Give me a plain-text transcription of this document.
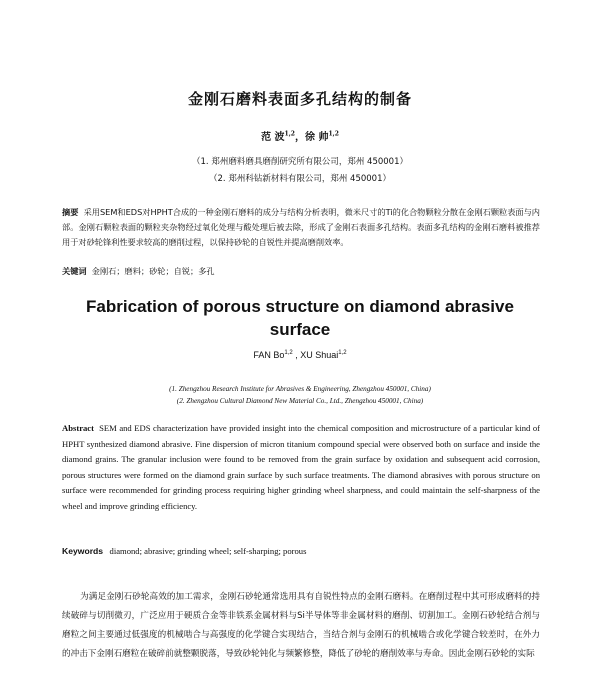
金刚石磨料表面多孔结构的制备
范 波$^{1,2}$，徐 帅$^{1,2}$
（1. 郑州磨料磨具磨削研究所有限公司，郑州 450001）
（2. 郑州科钻新材料有限公司，郑州 450001）
摘要 采用SEM和EDS对HPHT合成的一种金刚石磨料的成分与结构分析表明，微米尺寸的Ti的化合物颗粒分散在金刚石颗粒表面与内部。金刚石颗粒表面的颗粒夹杂物经过氧化处理与酸处理后被去除，形成了金刚石表面多孔结构。表面多孔结构的金刚石磨料被推荐用于对砂轮锋利性要求较高的磨削过程，以保持砂轮的自锐性并提高磨削效率。
关键词 金刚石；磨料；砂轮；自锐；多孔
Fabrication of porous structure on diamond abrasive surface
FAN Bo$^{1,2}$ , XU Shuai$^{1,2}$
(1. Zhengzhou Research Institute for Abrasives & Engineering, Zhengzhou 450001, China)
(2. Zhengzhou Cultural Diamond New Material Co., Ltd., Zhengzhou 450001, China)
Abstract SEM and EDS characterization have provided insight into the chemical composition and microstructure of a particular kind of HPHT synthesized diamond abrasive. Fine dispersion of micron titanium compound special were observed both on surface and inside the diamond grains. The granular inclusion were found to be removed from the grain surface by oxidation and subsequent acid corrosion, porous structures were formed on the diamond grain surface by such surface treatments. The diamond abrasives with porous structure on surface were recommended for grinding process requiring higher grinding wheel sharpness, and could maintain the self-sharpness of the wheel and improve grinding efficiency.
Keywords diamond; abrasive; grinding wheel; self-sharping; porous
为满足金刚石砂轮高效的加工需求，金刚石砂轮通常选用具有自锐性特点的金刚石磨料。在磨削过程中其可形成磨料的持续破碎与切削微刃，广泛应用于硬质合金等非铁系金属材料与Si半导体等非金属材料的磨削、切割加工。金刚石砂轮结合剂与磨粒之间主要通过低强度的机械啮合与高强度的化学键合实现结合，当结合剂与金刚石的机械啮合或化学键合较差时，在外力的冲击下金刚石磨粒在破碎前就整颗脱落，导致砂轮钝化与频繁修整，降低了砂轮的磨削效率与寿命。因此金刚石砂轮的实际
